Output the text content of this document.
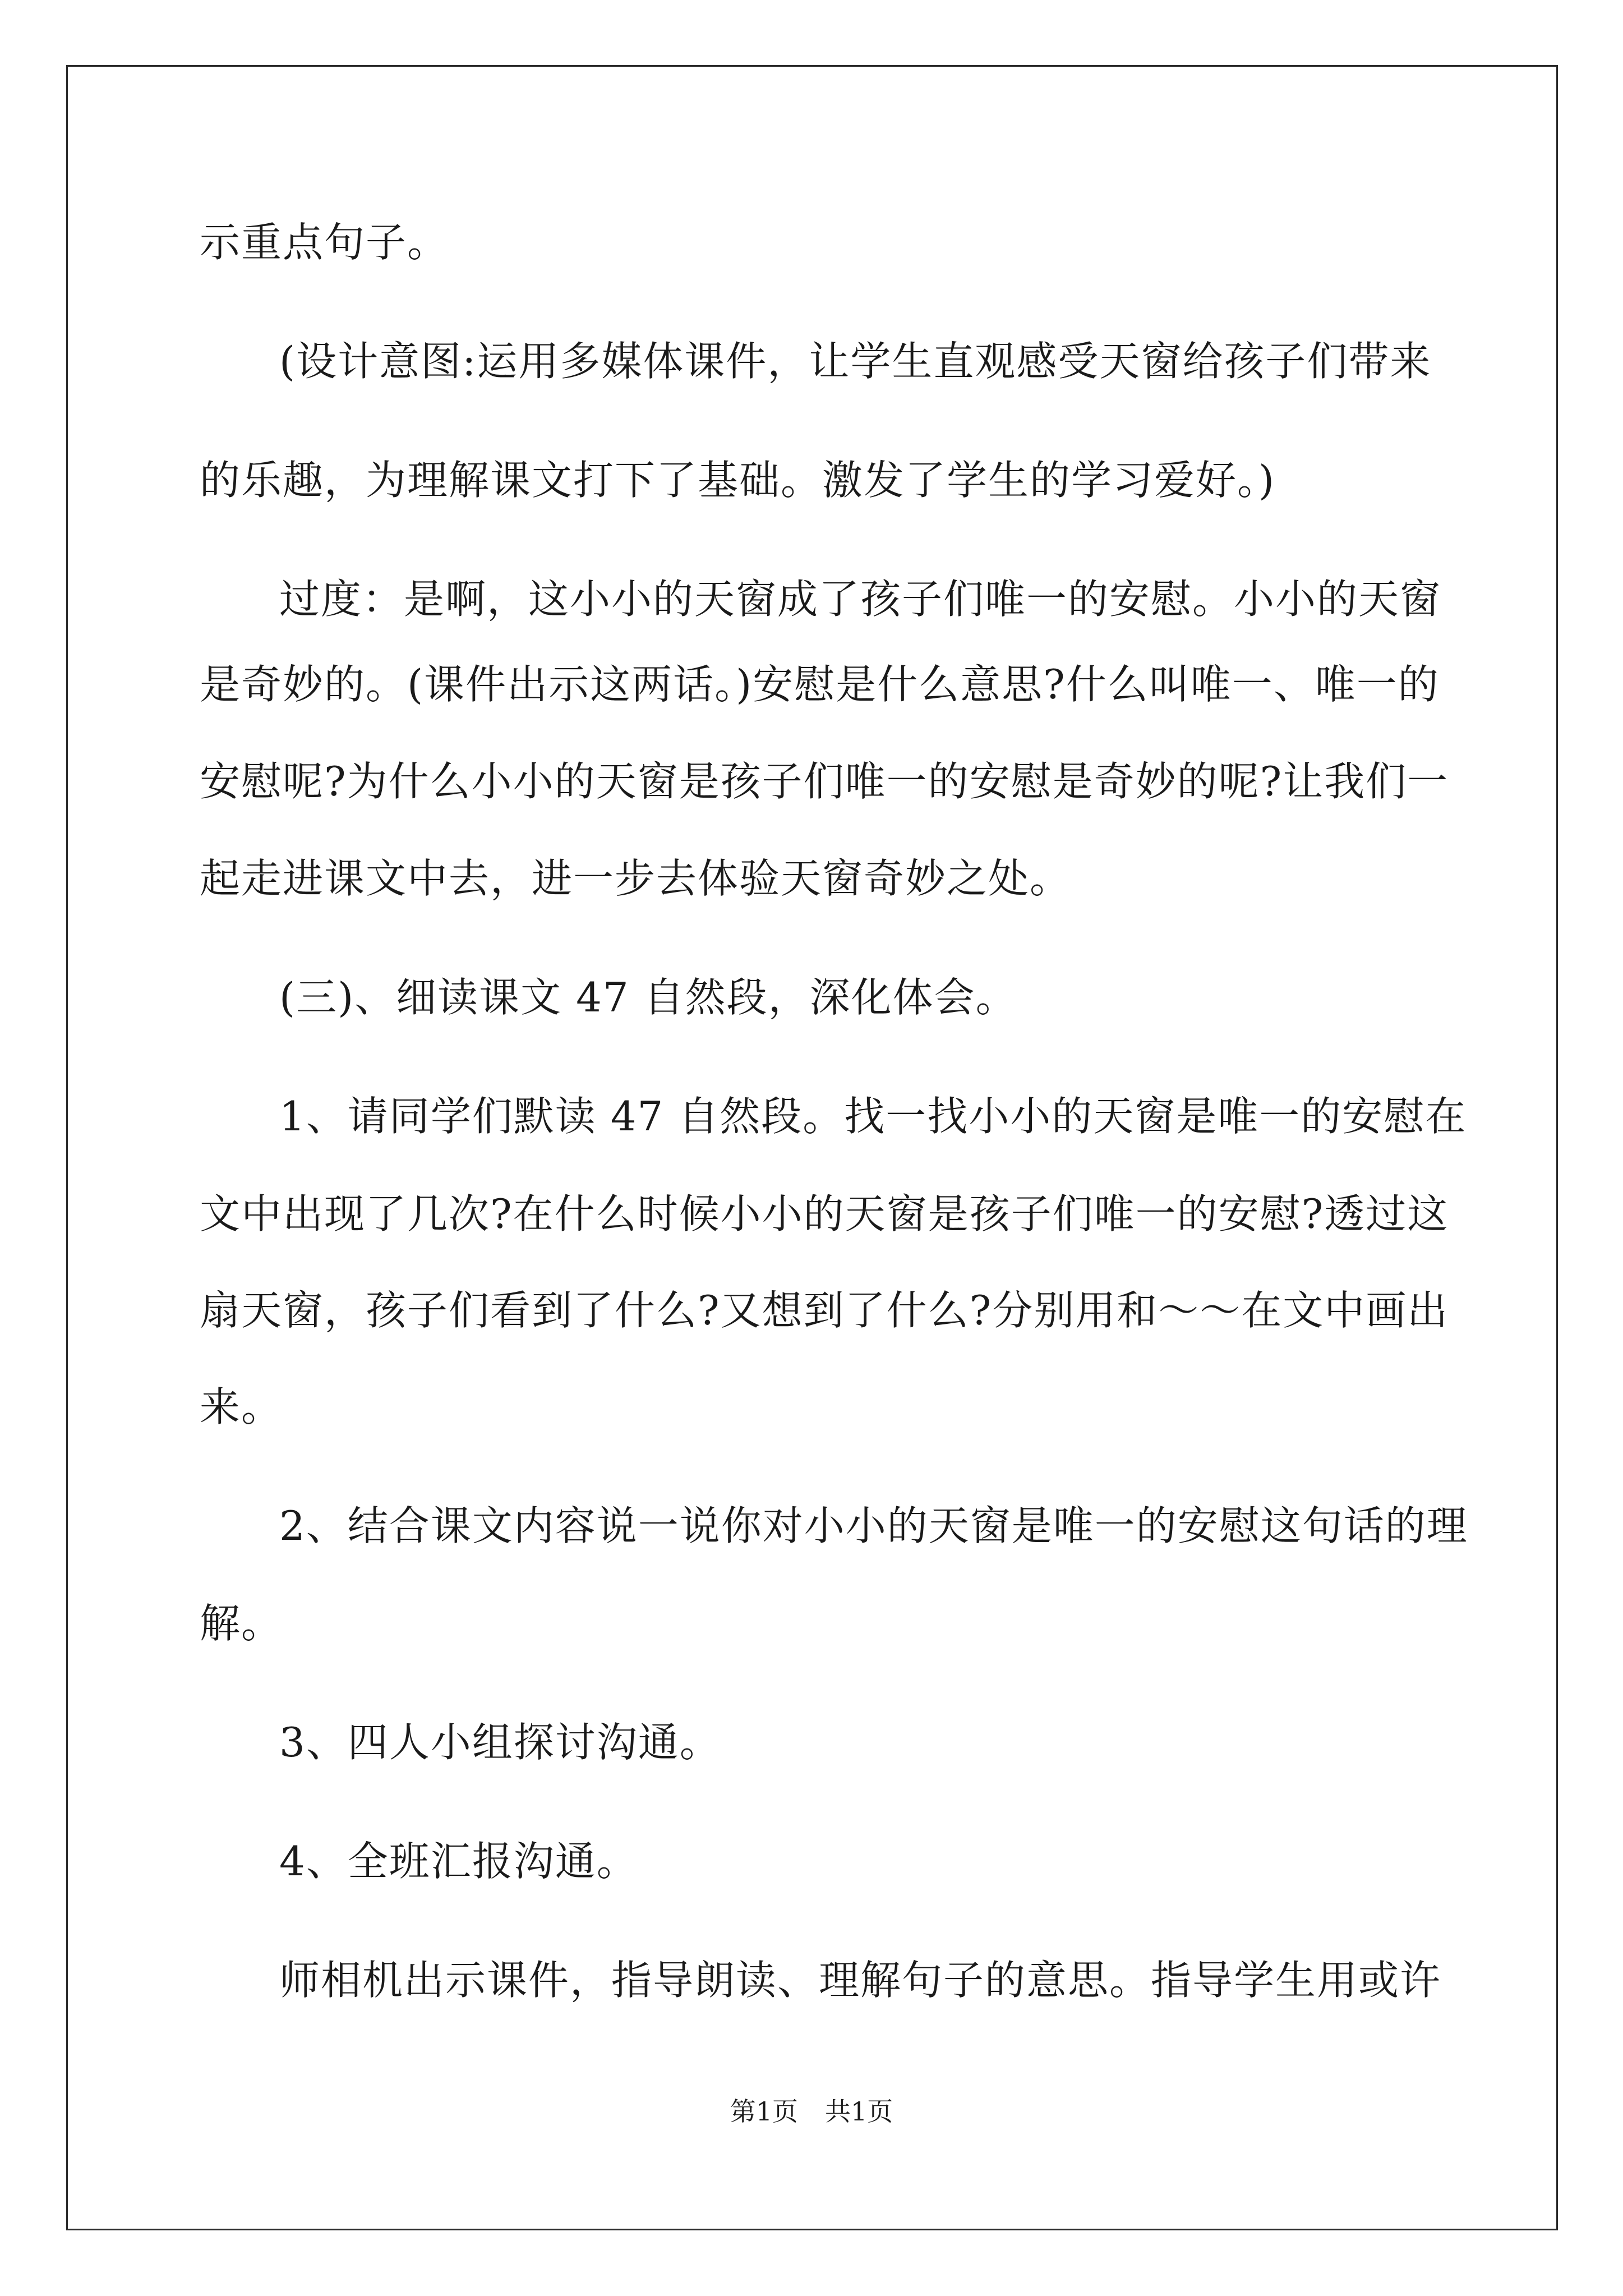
示重点句子。
(设计意图:运用多媒体课件，让学生直观感受天窗给孩子们带来
的乐趣，为理解课文打下了基础。激发了学生的学习爱好。)
过度：是啊，这小小的天窗成了孩子们唯一的安慰。小小的天窗
是奇妙的。(课件出示这两话。)安慰是什么意思?什么叫唯一、唯一的
安慰呢?为什么小小的天窗是孩子们唯一的安慰是奇妙的呢?让我们一
起走进课文中去，进一步去体验天窗奇妙之处。
(三)、细读课文 47 自然段，深化体会。
1、请同学们默读 47 自然段。找一找小小的天窗是唯一的安慰在
文中出现了几次?在什么时候小小的天窗是孩子们唯一的安慰?透过这
扇天窗，孩子们看到了什么?又想到了什么?分别用和～～在文中画出
来。
2、结合课文内容说一说你对小小的天窗是唯一的安慰这句话的理
解。
3、四人小组探讨沟通。
4、全班汇报沟通。
师相机出示课件，指导朗读、理解句子的意思。指导学生用或许
第1页 共1页
